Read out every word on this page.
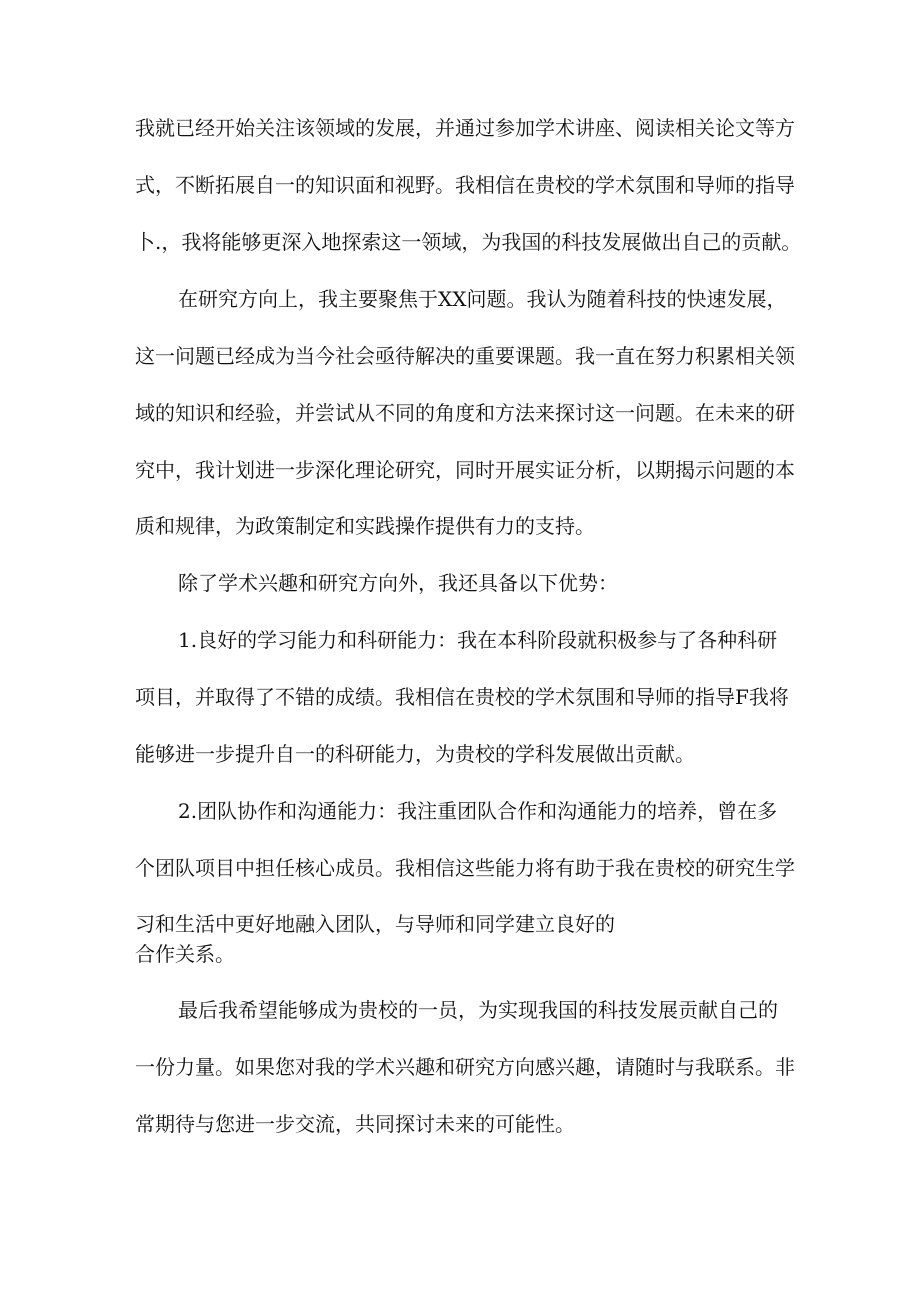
我就已经开始关注该领域的发展，并通过参加学术讲座、阅读相关论文等方
式，不断拓展自一的知识面和视野。我相信在贵校的学术氛围和导师的指导
卜.，我将能够更深入地探索这一领域，为我国的科技发展做出自己的贡献。
在研究方向上，我主要聚焦于XX问题。我认为随着科技的快速发展，
这一问题已经成为当今社会亟待解决的重要课题。我一直在努力积累相关领
域的知识和经验，并尝试从不同的角度和方法来探讨这一问题。在未来的研
究中，我计划进一步深化理论研究，同时开展实证分析，以期揭示问题的本
质和规律，为政策制定和实践操作提供有力的支持。
除了学术兴趣和研究方向外，我还具备以下优势：
1.良好的学习能力和科研能力：我在本科阶段就积极参与了各种科研
项目，并取得了不错的成绩。我相信在贵校的学术氛围和导师的指导F我将
能够进一步提升自一的科研能力，为贵校的学科发展做出贡献。
2.团队协作和沟通能力：我注重团队合作和沟通能力的培养，曾在多
个团队项目中担任核心成员。我相信这些能力将有助于我在贵校的研究生学
习和生活中更好地融入团队，与导师和同学建立良好的
合作关系。
最后我希望能够成为贵校的一员，为实现我国的科技发展贡献自己的
一份力量。如果您对我的学术兴趣和研究方向感兴趣，请随时与我联系。非
常期待与您进一步交流，共同探讨未来的可能性。
